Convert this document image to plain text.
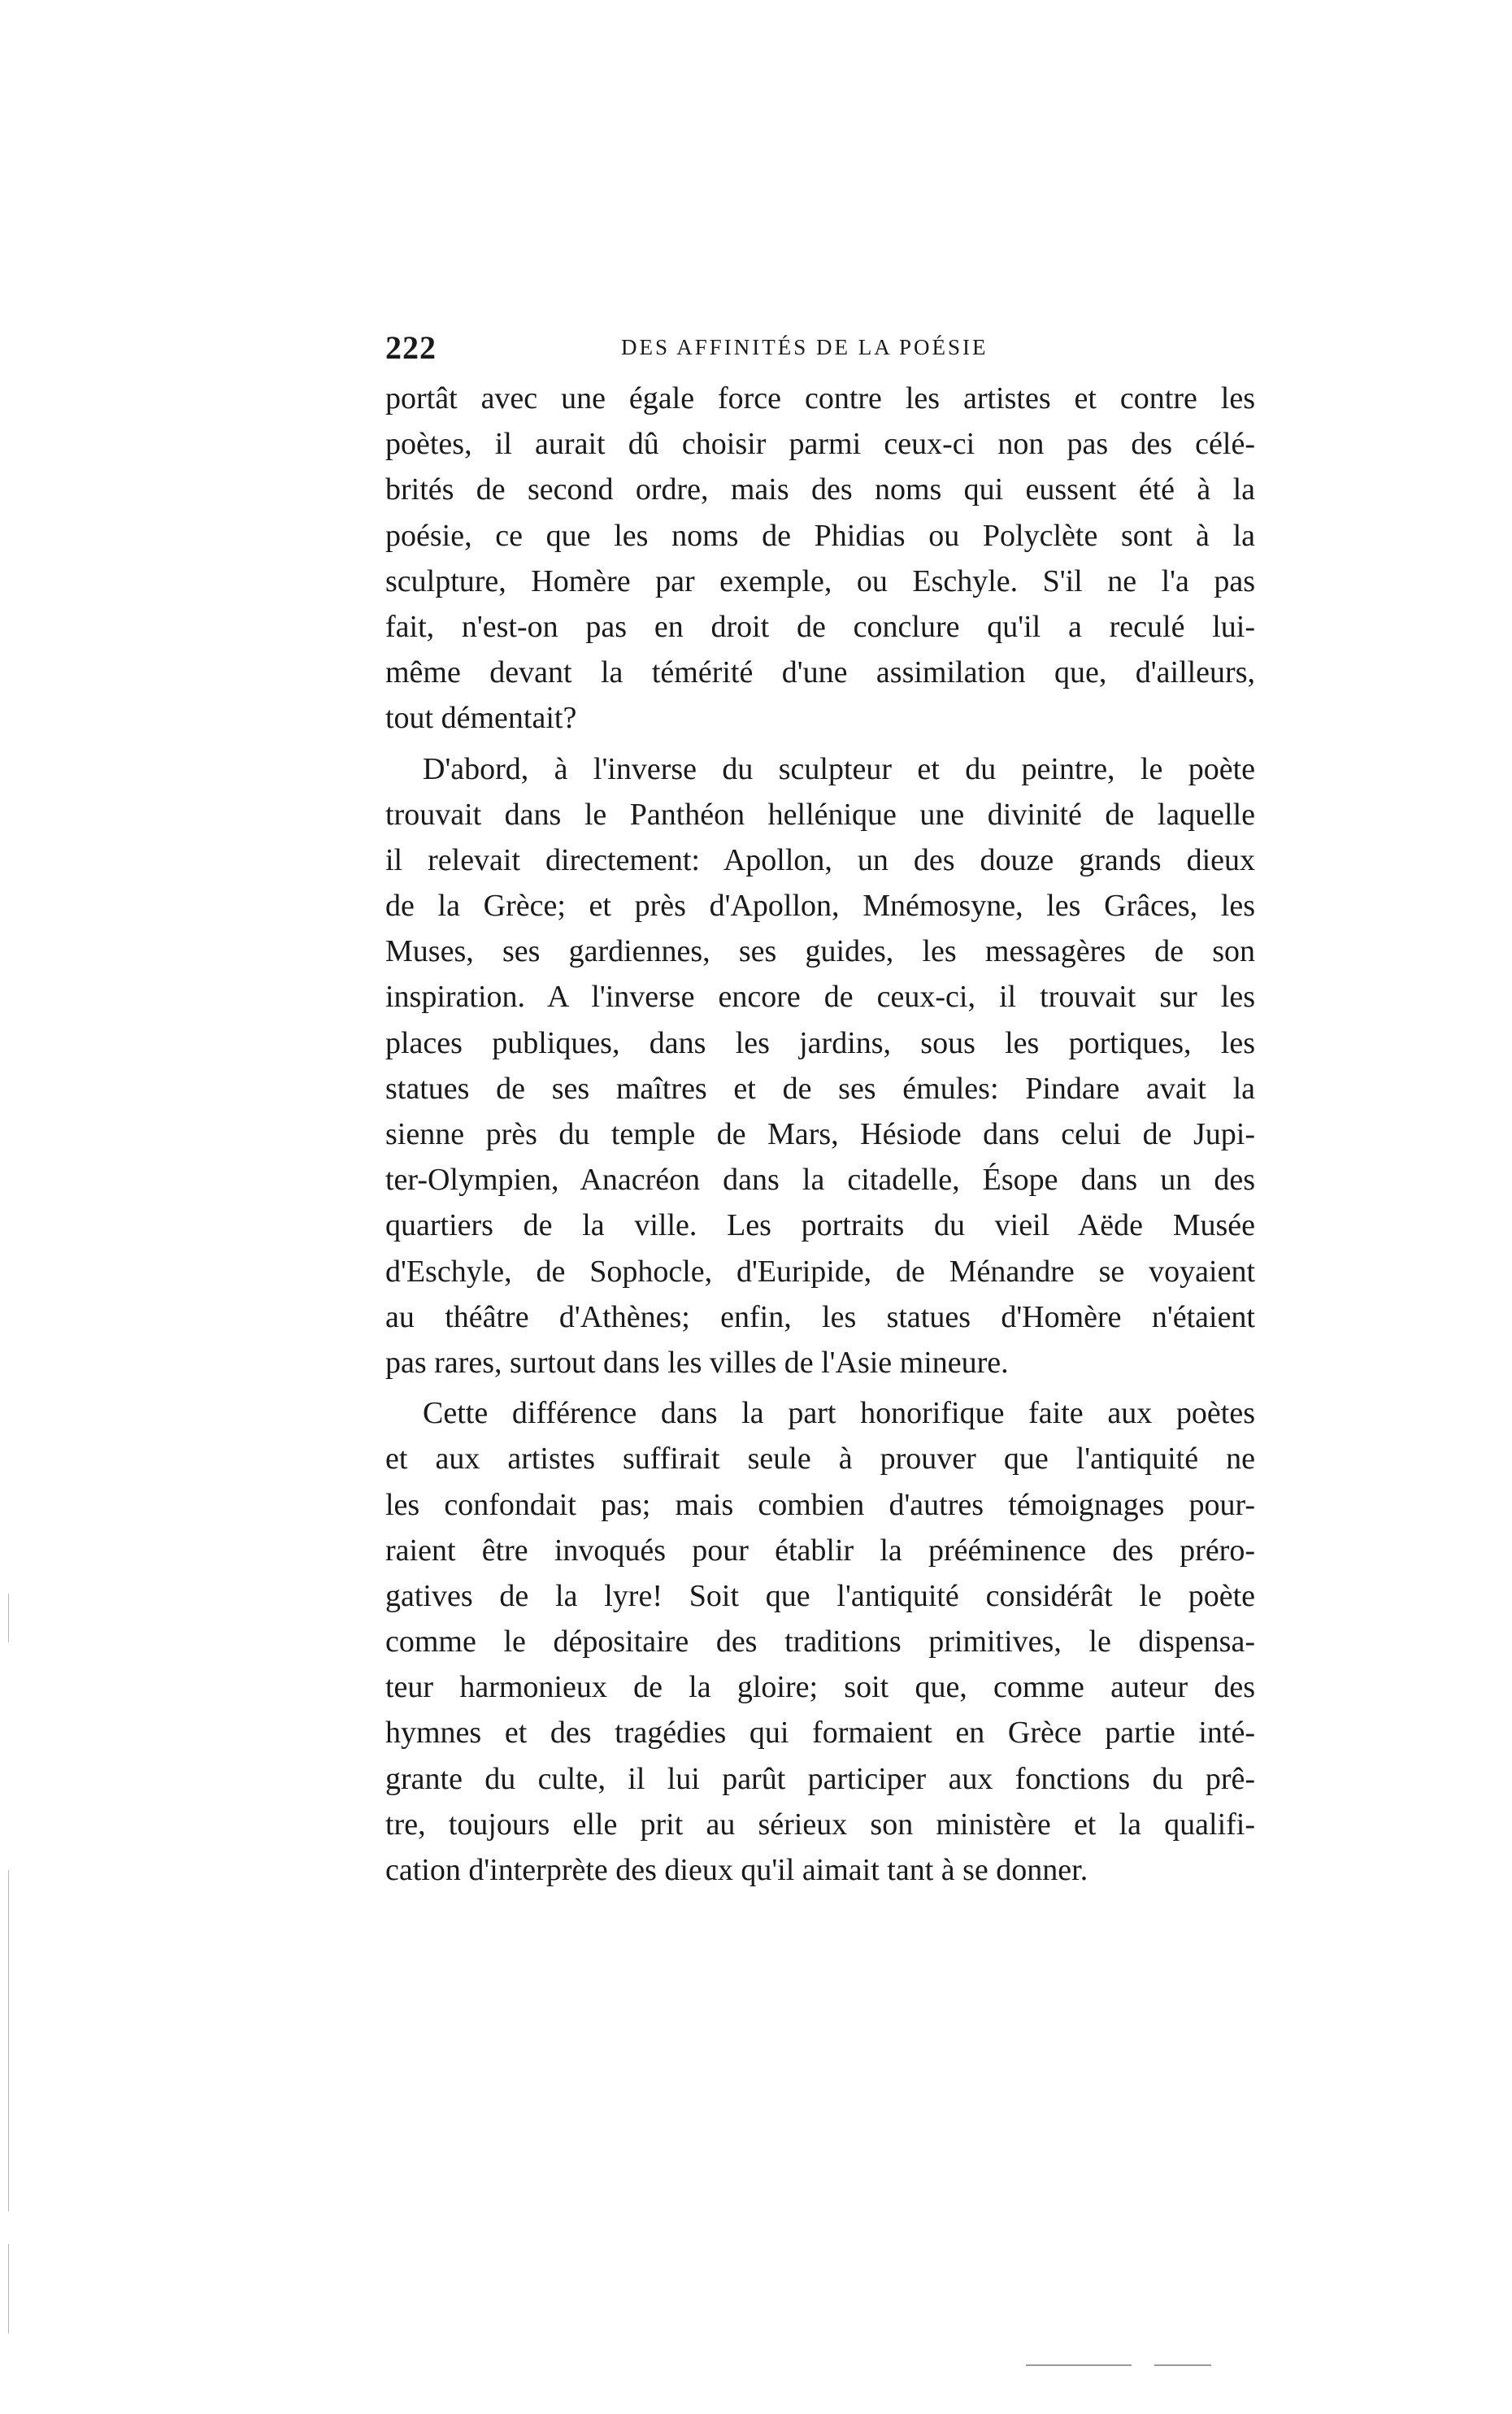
222	DES AFFINITÉS DE LA POÉSIE
portât avec une égale force contre les artistes et contre les
poètes, il aurait dû choisir parmi ceux-ci non pas des célé-
brités de second ordre, mais des noms qui eussent été à la
poésie, ce que les noms de Phidias ou Polyclète sont à la
sculpture, Homère par exemple, ou Eschyle. S'il ne l'a pas
fait, n'est-on pas en droit de conclure qu'il a reculé lui-
même devant la témérité d'une assimilation que, d'ailleurs,
tout démentait?
D'abord, à l'inverse du sculpteur et du peintre, le poète
trouvait dans le Panthéon hellénique une divinité de laquelle
il relevait directement: Apollon, un des douze grands dieux
de la Grèce; et près d'Apollon, Mnémosyne, les Grâces, les
Muses, ses gardiennes, ses guides, les messagères de son
inspiration. A l'inverse encore de ceux-ci, il trouvait sur les
places publiques, dans les jardins, sous les portiques, les
statues de ses maîtres et de ses émules: Pindare avait la
sienne près du temple de Mars, Hésiode dans celui de Jupi-
ter-Olympien, Anacréon dans la citadelle, Ésope dans un des
quartiers de la ville. Les portraits du vieil Aëde Musée
d'Eschyle, de Sophocle, d'Euripide, de Ménandre se voyaient
au théâtre d'Athènes; enfin, les statues d'Homère n'étaient
pas rares, surtout dans les villes de l'Asie mineure.
Cette différence dans la part honorifique faite aux poètes
et aux artistes suffirait seule à prouver que l'antiquité ne
les confondait pas; mais combien d'autres témoignages pour-
raient être invoqués pour établir la prééminence des préro-
gatives de la lyre! Soit que l'antiquité considérât le poète
comme le dépositaire des traditions primitives, le dispensa-
teur harmonieux de la gloire; soit que, comme auteur des
hymnes et des tragédies qui formaient en Grèce partie inté-
grante du culte, il lui parût participer aux fonctions du prê-
tre, toujours elle prit au sérieux son ministère et la qualifi-
cation d'interprète des dieux qu'il aimait tant à se donner.
